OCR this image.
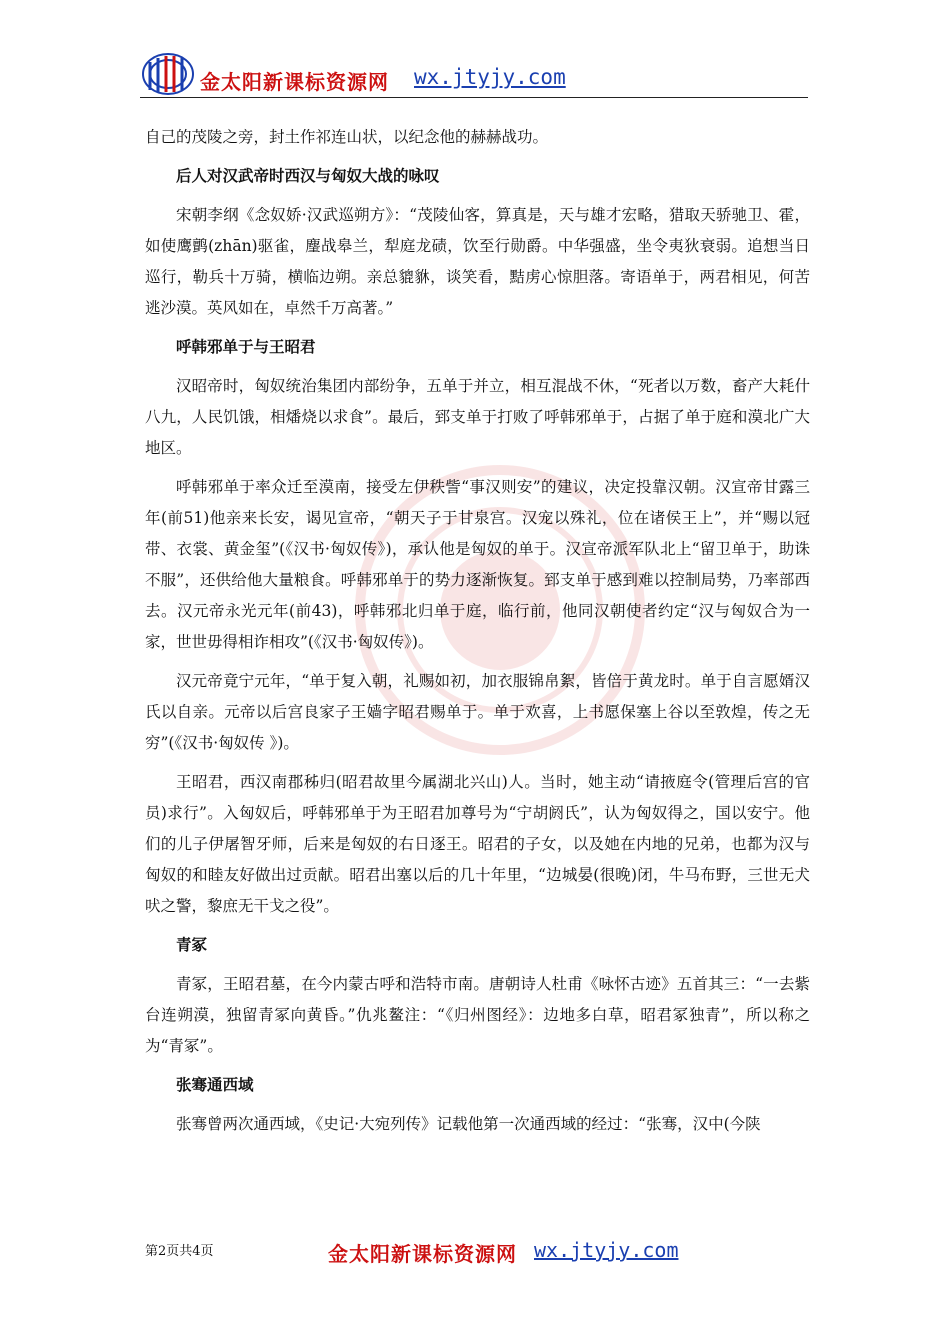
金太阳新课标资源网 wx.jtyjy.com

自己的茂陵之旁，封土作祁连山状，以纪念他的赫赫战功。

后人对汉武帝时西汉与匈奴大战的咏叹

宋朝李纲《念奴娇·汉武巡朔方》：“茂陵仙客，算真是，天与雄才宏略，猎取天骄驰卫、霍，如使鹰鹯(zhān)驱雀，麈战皋兰，犁庭龙碛，饮至行勋爵。中华强盛，坐令夷狄衰弱。追想当日巡行，勒兵十万骑，横临边朔。亲总貔貅，谈笑看，黠虏心惊胆落。寄语单于，两君相见，何苦逃沙漠。英风如在，卓然千万高著。”

呼韩邪单于与王昭君

汉昭帝时，匈奴统治集团内部纷争，五单于并立，相互混战不休，“死者以万数，畜产大耗什八九，人民饥饿，相燔烧以求食”。最后，郅支单于打败了呼韩邪单于，占据了单于庭和漠北广大地区。

呼韩邪单于率众迁至漠南，接受左伊秩訾“事汉则安”的建议，决定投靠汉朝。汉宣帝甘露三年(前51)他亲来长安，谒见宣帝，“朝天子于甘泉宫。汉宠以殊礼，位在诸侯王上”，并“赐以冠带、衣裳、黄金玺”(《汉书·匈奴传》)，承认他是匈奴的单于。汉宣帝派军队北上“留卫单于，助诛不服”，还供给他大量粮食。呼韩邪单于的势力逐渐恢复。郅支单于感到难以控制局势，乃率部西去。汉元帝永光元年(前43)，呼韩邪北归单于庭，临行前，他同汉朝使者约定“汉与匈奴合为一家，世世毋得相诈相攻”(《汉书·匈奴传》)。

汉元帝竟宁元年，“单于复入朝，礼赐如初，加衣服锦帛絮，皆倍于黄龙时。单于自言愿婿汉氏以自亲。元帝以后宫良家子王嫱字昭君赐单于。单于欢喜，上书愿保塞上谷以至敦煌，传之无穷”(《汉书·匈奴传 》)。

王昭君，西汉南郡秭归(昭君故里今属湖北兴山)人。当时，她主动“请掖庭令(管理后宫的官员)求行”。入匈奴后，呼韩邪单于为王昭君加尊号为“宁胡阏氏”，认为匈奴得之，国以安宁。他们的儿子伊屠智牙师，后来是匈奴的右日逐王。昭君的子女，以及她在内地的兄弟，也都为汉与匈奴的和睦友好做出过贡献。昭君出塞以后的几十年里，“边城晏(很晚)闭，牛马布野，三世无犬吠之警，黎庶无干戈之役”。

青冢

青冢，王昭君墓，在今内蒙古呼和浩特市南。唐朝诗人杜甫《咏怀古迹》五首其三：“一去紫台连朔漠，独留青冢向黄昏。”仇兆鳌注：“《归州图经》：边地多白草，昭君冢独青”，所以称之为“青冢”。

张骞通西域

张骞曾两次通西域，《史记·大宛列传》记载他第一次通西域的经过：“张骞，汉中(今陕

第2页共4页	金太阳新课标资源网 wx.jtyjy.com
